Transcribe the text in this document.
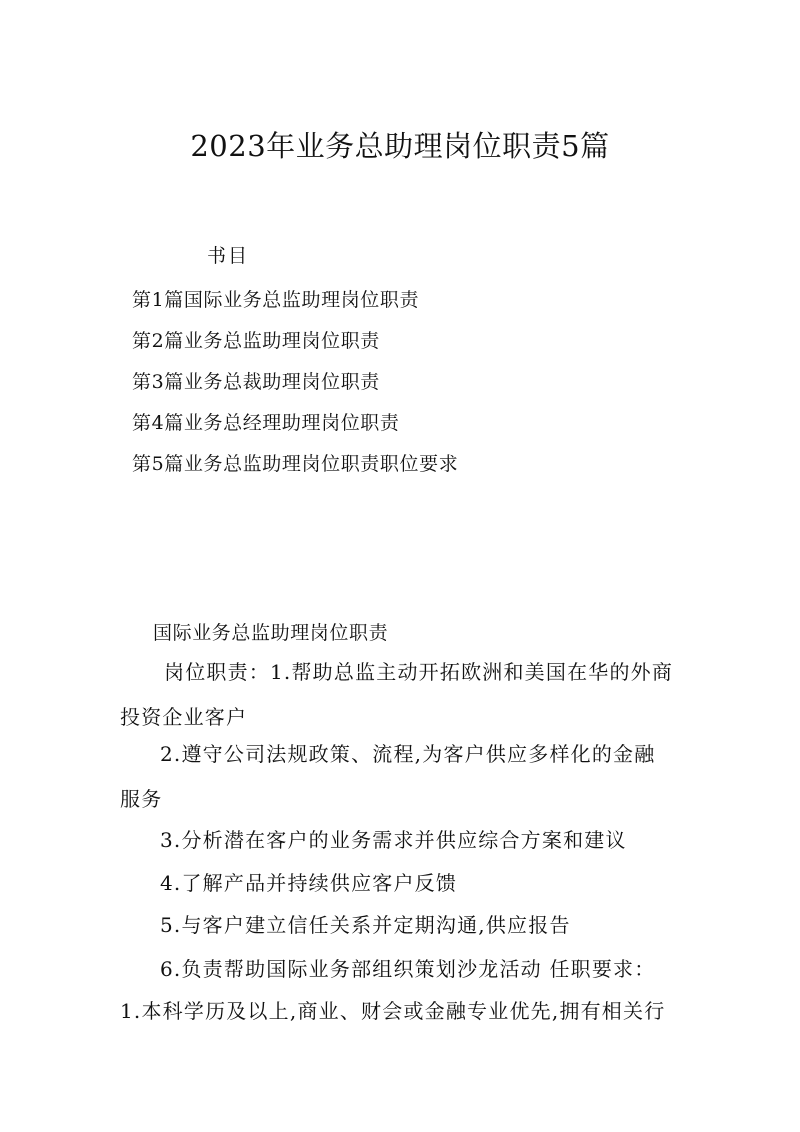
2023年业务总助理岗位职责5篇
书目
第1篇国际业务总监助理岗位职责
第2篇业务总监助理岗位职责
第3篇业务总裁助理岗位职责
第4篇业务总经理助理岗位职责
第5篇业务总监助理岗位职责职位要求
国际业务总监助理岗位职责
岗位职责：1.帮助总监主动开拓欧洲和美国在华的外商
投资企业客户
2.遵守公司法规政策、流程,为客户供应多样化的金融
服务
3.分析潜在客户的业务需求并供应综合方案和建议
4.了解产品并持续供应客户反馈
5.与客户建立信任关系并定期沟通,供应报告
6.负责帮助国际业务部组织策划沙龙活动 任职要求：
1.本科学历及以上,商业、财会或金融专业优先,拥有相关行
